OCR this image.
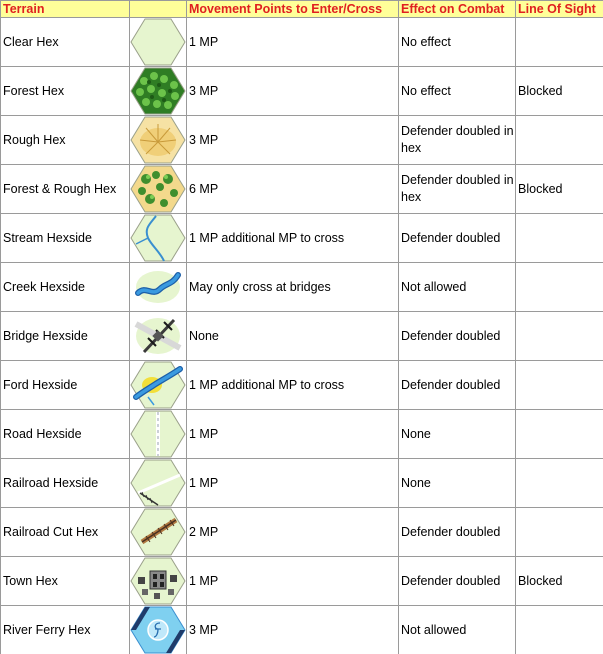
Terrain		Movement Points to Enter/Cross	Effect on Combat	Line Of Sight
Clear Hex		1 MP	No effect	
Forest Hex		3 MP	No effect	Blocked
Rough Hex		3 MP	Defender doubled in hex	
Forest & Rough Hex		6 MP	Defender doubled in hex	Blocked
Stream Hexside		1 MP additional MP to cross	Defender doubled	
Creek Hexside		May only cross at bridges	Not allowed	
Bridge Hexside		None	Defender doubled	
Ford Hexside		1 MP additional MP to cross	Defender doubled	
Road Hexside		1 MP	None	
Railroad Hexside		1 MP	None	
Railroad Cut Hex		2 MP	Defender doubled	
Town Hex		1 MP	Defender doubled	Blocked
River Ferry Hex		3 MP	Not allowed	
